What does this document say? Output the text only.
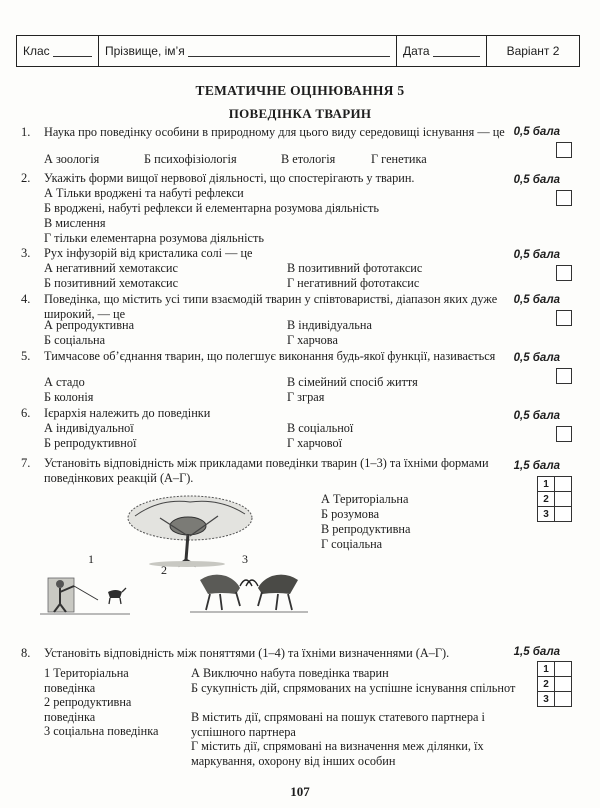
Клас	Прізвище, ім’я	Дата	Варіант 2
ТЕМАТИЧНЕ ОЦІНЮВАННЯ 5
ПОВЕДІНКА ТВАРИН
1.	Наука про поведінку особини в природному для цього виду середовищі існування — це 0,5 бала
А зоологія	Б психофізіологія	В етологія	Г генетика
2.	Укажіть форми вищої нервової діяльності, що спостерігають у тварин.	0,5 бала
А Тільки вроджені та набуті рефлекси
Б вроджені, набуті рефлекси й елементарна розумова діяльність
В мислення
Г тільки елементарна розумова діяльність
3.	Рух інфузорій від кристалика солі — це	0,5 бала
А негативний хемотаксис	В позитивний фототаксис
Б позитивний хемотаксис	Г негативний фототаксис
4.	Поведінка, що містить усі типи взаємодій тварин у співтоваристві, діапазон яких дуже широкий, — це
0,5 бала
А репродуктивна	В індивідуальна
Б соціальна	Г харчова
5.	Тимчасове об’єднання тварин, що полегшує виконання будь-якої функції, називається	0,5 бала
А стадо	В сімейний спосіб життя
Б колонія	Г зграя
6.	Ієрархія належить до поведінки	0,5 бала
А індивідуальної	В соціальної
Б репродуктивної	Г харчової
7.	Установіть відповідність між прикладами поведінки тварин (1–3) та їхніми формами поведінкових реакцій (А–Г).
1,5 бала
1	
2	
3	
1
2
3
А Територіальна
Б розумова
В репродуктивна
Г соціальна
8.	Установіть відповідність між поняттями (1–4) та їхніми визначеннями (А–Г).	1,5 бала
1	
2	
3	
1 Територіальна поведінка
2 репродуктивна поведінка
3 соціальна поведінка
А Виключно набута поведінка тварин
Б сукупність дій, спрямованих на успішне існування спільнот
В містить дії, спрямовані на пошук статевого партнера і успішного партнера
Г містить дії, спрямовані на визначення меж ділянки, їх маркування, охорону від інших особин
107
